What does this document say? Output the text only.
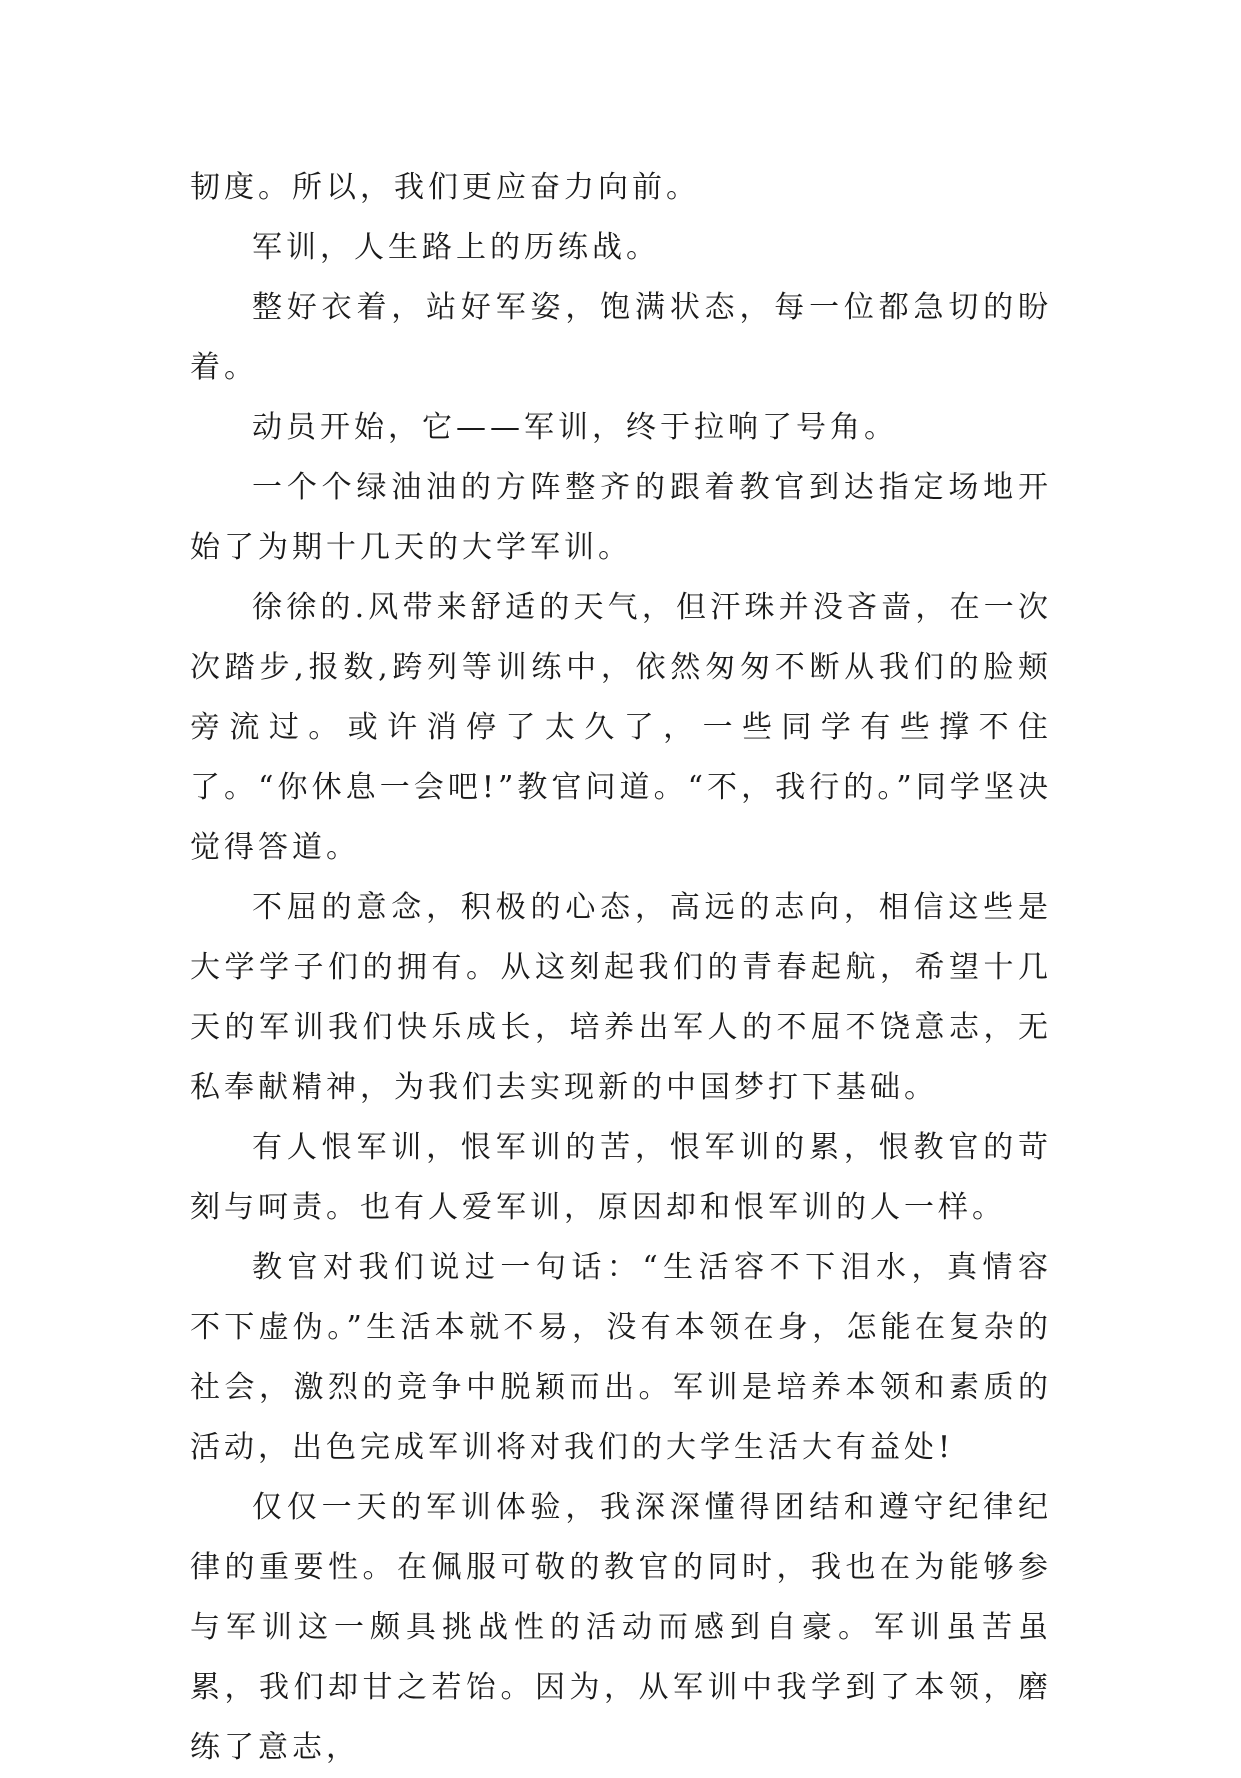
韧度。所以，我们更应奋力向前。

军训，人生路上的历练战。

整好衣着，站好军姿，饱满状态，每一位都急切的盼着。

动员开始，它——军训，终于拉响了号角。

一个个绿油油的方阵整齐的跟着教官到达指定场地开始了为期十几天的大学军训。

徐徐的.风带来舒适的天气，但汗珠并没吝啬，在一次次踏步,报数,跨列等训练中，依然匆匆不断从我们的脸颊旁流过。或许消停了太久了，一些同学有些撑不住了。“你休息一会吧!”教官问道。“不，我行的。”同学坚决觉得答道。

不屈的意念，积极的心态，高远的志向，相信这些是大学学子们的拥有。从这刻起我们的青春起航，希望十几天的军训我们快乐成长，培养出军人的不屈不饶意志，无私奉献精神，为我们去实现新的中国梦打下基础。

有人恨军训，恨军训的苦，恨军训的累，恨教官的苛刻与呵责。也有人爱军训，原因却和恨军训的人一样。

教官对我们说过一句话：“生活容不下泪水，真情容不下虚伪。”生活本就不易，没有本领在身，怎能在复杂的社会，激烈的竞争中脱颖而出。军训是培养本领和素质的活动，出色完成军训将对我们的大学生活大有益处!

仅仅一天的军训体验，我深深懂得团结和遵守纪律纪律的重要性。在佩服可敬的教官的同时，我也在为能够参与军训这一颇具挑战性的活动而感到自豪。军训虽苦虽累，我们却甘之若饴。因为，从军训中我学到了本领，磨练了意志，
